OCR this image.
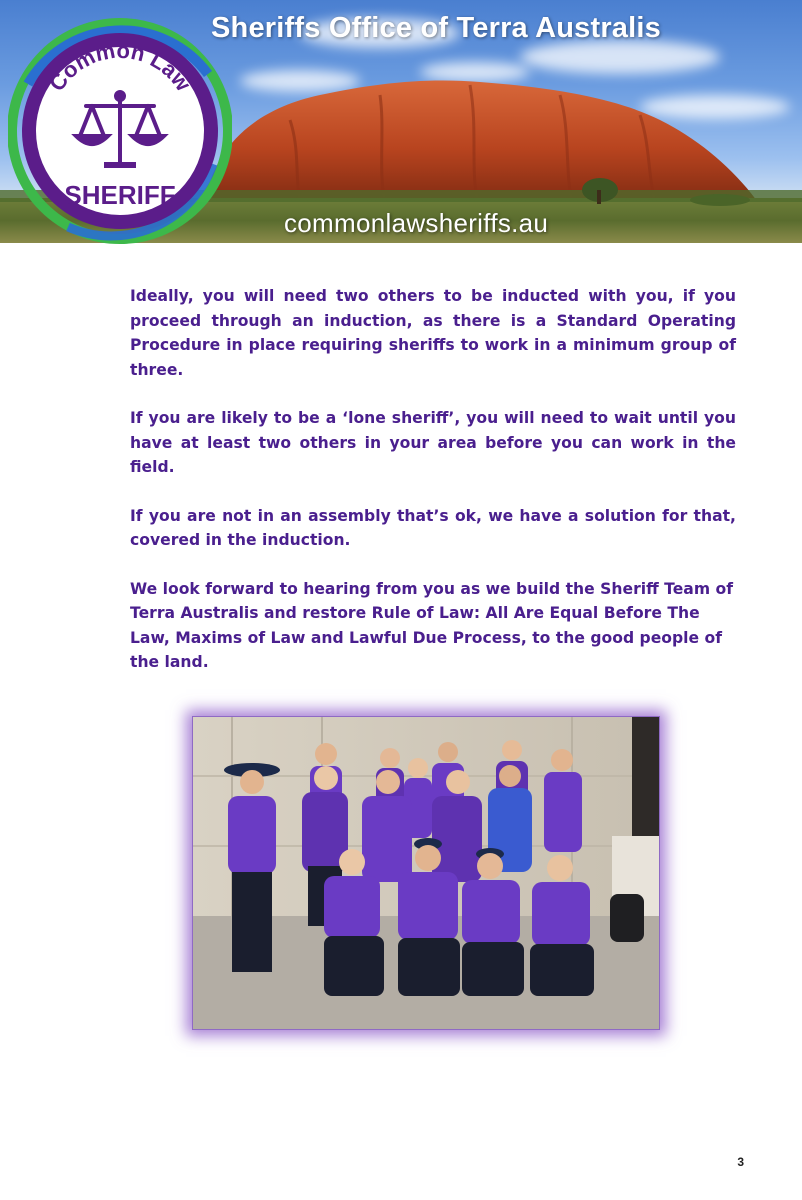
Sheriffs Office of Terra Australis
commonlawsheriffs.au
Common Law
SHERIFF

Ideally, you will need two others to be inducted with you, if you proceed through an induction, as there is a Standard Operating Procedure in place requiring sheriffs to work in a minimum group of three.

If you are likely to be a ‘lone sheriff’, you will need to wait until you have at least two others in your area before you can work in the field.

If you are not in an assembly that’s ok, we have a solution for that, covered in the induction.

We look forward to hearing from you as we build the Sheriff Team of Terra Australis and restore Rule of Law: All Are Equal Before The Law, Maxims of Law and Lawful Due Process, to the good people of the land.

3
